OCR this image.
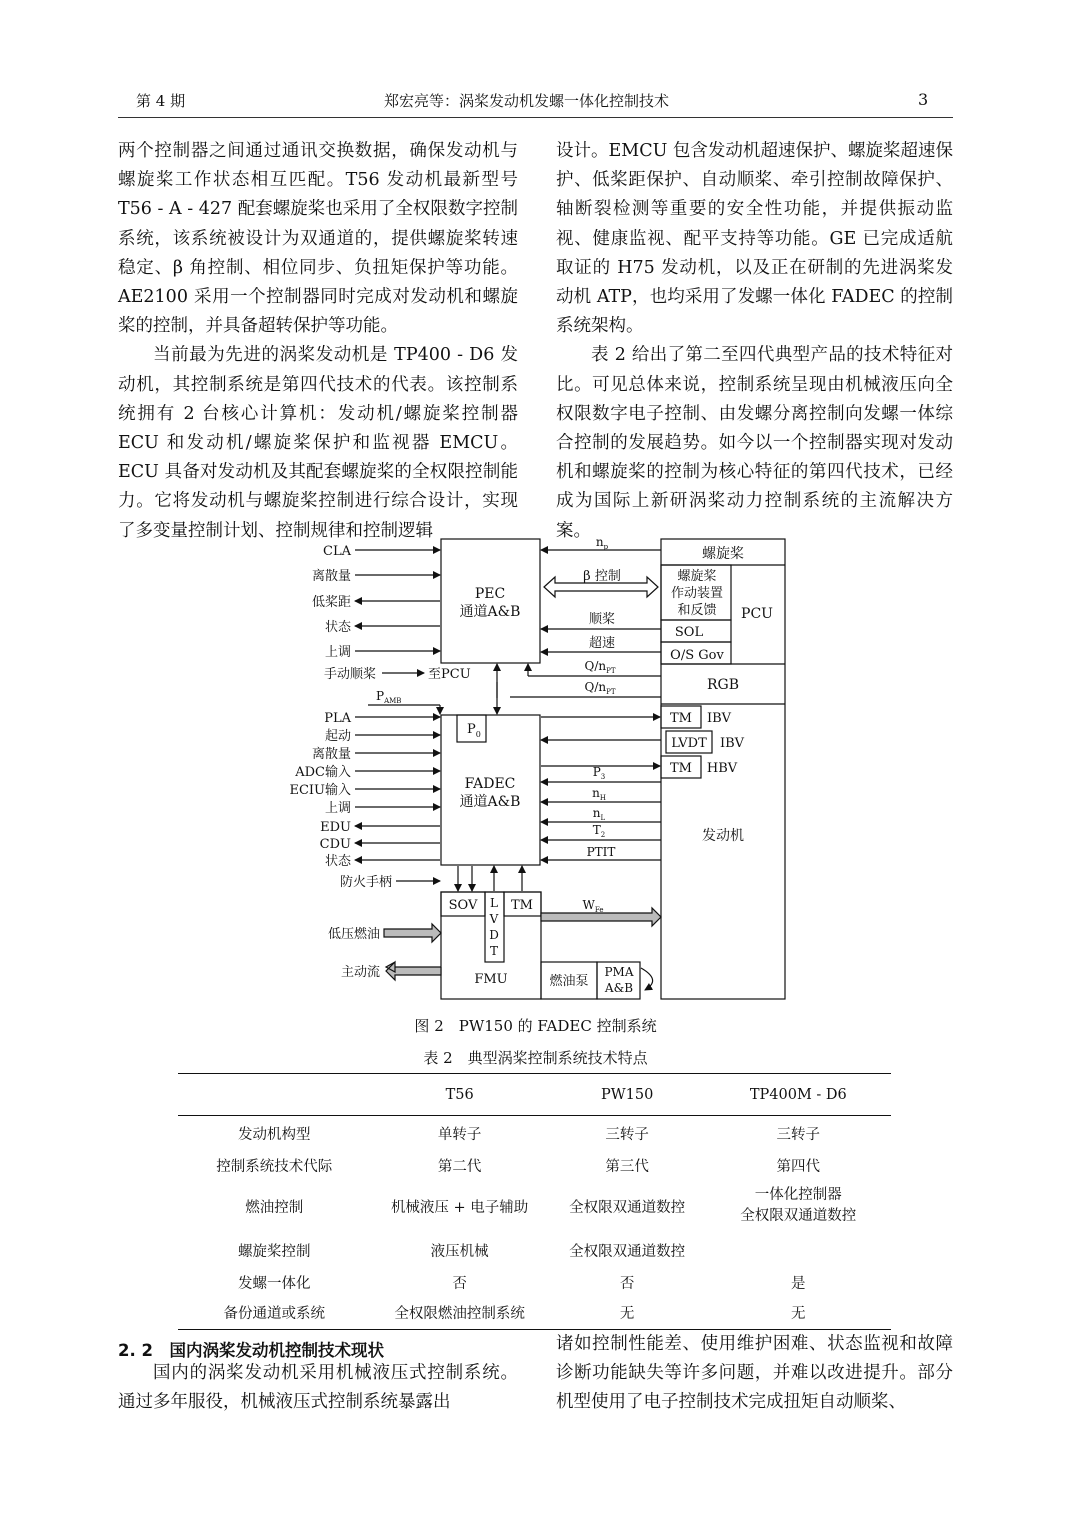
第 4 期	郑宏亮等：涡桨发动机发螺一体化控制技术	3

两个控制器之间通过通讯交换数据，确保发动机与螺旋桨工作状态相互匹配。T56 发动机最新型号 T56 - A - 427 配套螺旋桨也采用了全权限数字控制系统，该系统被设计为双通道的，提供螺旋桨转速稳定、β 角控制、相位同步、负扭矩保护等功能。AE2100 采用一个控制器同时完成对发动机和螺旋桨的控制，并具备超转保护等功能。

当前最为先进的涡桨发动机是 TP400 - D6 发动机，其控制系统是第四代技术的代表。该控制系统拥有 2 台核心计算机：发动机/螺旋桨控制器 ECU 和发动机/螺旋桨保护和监视器 EMCU。ECU 具备对发动机及其配套螺旋桨的全权限控制能力。它将发动机与螺旋桨控制进行综合设计，实现了多变量控制计划、控制规律和控制逻辑

设计。EMCU 包含发动机超速保护、螺旋桨超速保护、低桨距保护、自动顺桨、牵引控制故障保护、轴断裂检测等重要的安全性功能，并提供振动监视、健康监视、配平支持等功能。GE 已完成适航取证的 H75 发动机，以及正在研制的先进涡桨发动机 ATP，也均采用了发螺一体化 FADEC 的控制系统架构。

表 2 给出了第二至四代典型产品的技术特征对比。可见总体来说，控制系统呈现由机械液压向全权限数字电子控制、由发螺分离控制向发螺一体综合控制的发展趋势。如今以一个控制器实现对发动机和螺旋桨的控制为核心特征的第四代技术，已经成为国际上新研涡桨动力控制系统的主流解决方案。

PEC
通道A&B
FADEC
通道A&B
$P_0$
螺旋桨
螺旋桨
作动装置
和反馈 PCU
SOL
O/S Gov
RGB
TM IBV
LVDT IBV
TM HBV
发动机
$n_p$
β 控制
顺桨
超速
$Q/n_{PT}$
$Q/n_{PT}$
$P_3$
$n_H$
$n_L$
$T_2$
PTIT
CLA
离散量
低桨距
状态
上调
手动顺桨	至PCU
$P_{AMB}$
PLA
起动
离散量
ADC输入
ECIU输入
上调
EDU
CDU
状态
防火手柄
SOV L
V
D
T
TM	$W_{Fe}$
FMU	燃油泵
PMA
A&B
低压燃油
主动流
图 2　PW150 的 FADEC 控制系统
表 2　典型涡桨控制系统技术特点
	T56	PW150	TP400M - D6
发动机构型	单转子	三转子	三转子
控制系统技术代际	第二代	第三代	第四代
燃油控制	机械液压 + 电子辅助	全权限双通道数控	一体化控制器
全权限双通道数控
螺旋桨控制	液压机械	全权限双通道数控	
发螺一体化	否	否	是
备份通道或系统	全权限燃油控制系统	无	无
2. 2　国内涡桨发动机控制技术现状

国内的涡桨发动机采用机械液压式控制系统。通过多年服役，机械液压式控制系统暴露出

诸如控制性能差、使用维护困难、状态监视和故障诊断功能缺失等许多问题，并难以改进提升。部分机型使用了电子控制技术完成扭矩自动顺桨、
